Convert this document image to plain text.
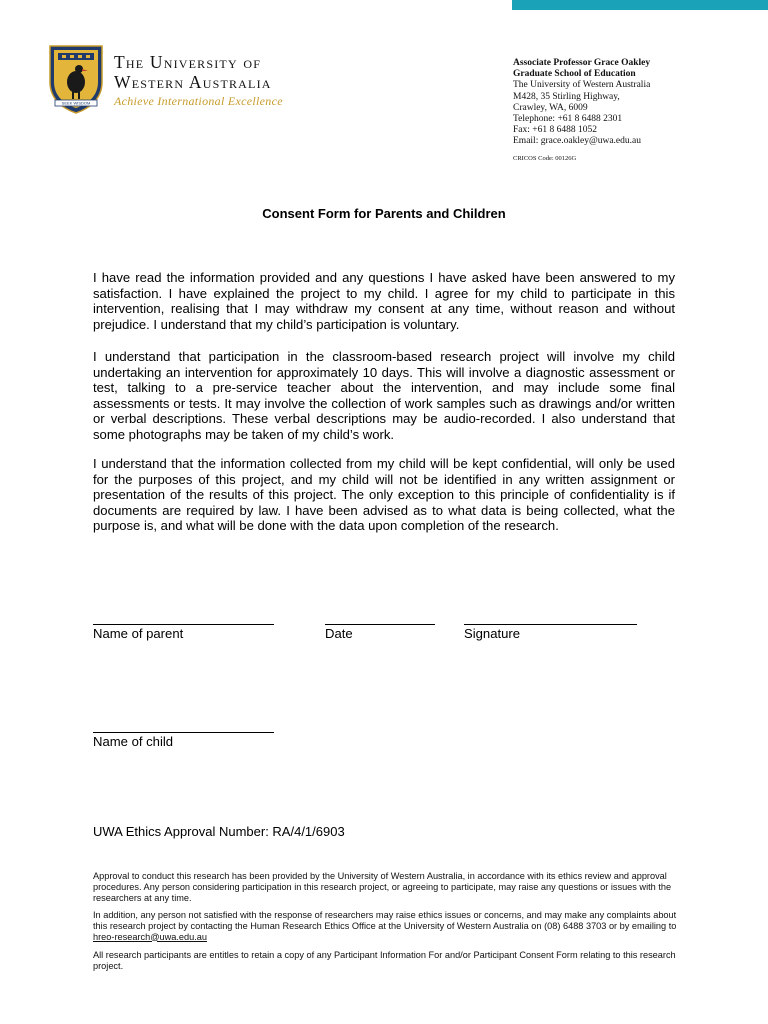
SEEK WISDOM
The University of
Western Australia
Achieve International Excellence
Associate Professor Grace Oakley
Graduate School of Education
The University of Western Australia
M428, 35 Stirling Highway,
Crawley, WA, 6009
Telephone: +61 8 6488 2301
Fax: +61 8 6488 1052
Email: grace.oakley@uwa.edu.au
CRICOS Code: 00126G
Consent Form for Parents and Children
I have read the information provided and any questions I have asked have been answered to my satisfaction. I have explained the project to my child. I agree for my child to participate in this intervention, realising that I may withdraw my consent at any time, without reason and without prejudice. I understand that my child’s participation is voluntary.
I understand that participation in the classroom-based research project will involve my child undertaking an intervention for approximately 10 days. This will involve a diagnostic assessment or test, talking to a pre-service teacher about the intervention, and may include some final assessments or tests. It may involve the collection of work samples such as drawings and/or written or verbal descriptions. These verbal descriptions may be audio-recorded. I also understand that some photographs may be taken of my child’s work.
I understand that the information collected from my child will be kept confidential, will only be used for the purposes of this project, and my child will not be identified in any written assignment or presentation of the results of this project. The only exception to this principle of confidentiality is if documents are required by law. I have been advised as to what data is being collected, what the purpose is, and what will be done with the data upon completion of the research.
Name of parent	Date	Signature
Name of child
UWA Ethics Approval Number: RA/4/1/6903
Approval to conduct this research has been provided by the University of Western Australia, in accordance with its ethics review and approval procedures. Any person considering participation in this research project, or agreeing to participate, may raise any questions or issues with the researchers at any time.
In addition, any person not satisfied with the response of researchers may raise ethics issues or concerns, and may make any complaints about this research project by contacting the Human Research Ethics Office at the University of Western Australia on (08) 6488 3703 or by emailing to hreo-research@uwa.edu.au
All research participants are entitles to retain a copy of any Participant Information For and/or Participant Consent Form relating to this research project.
